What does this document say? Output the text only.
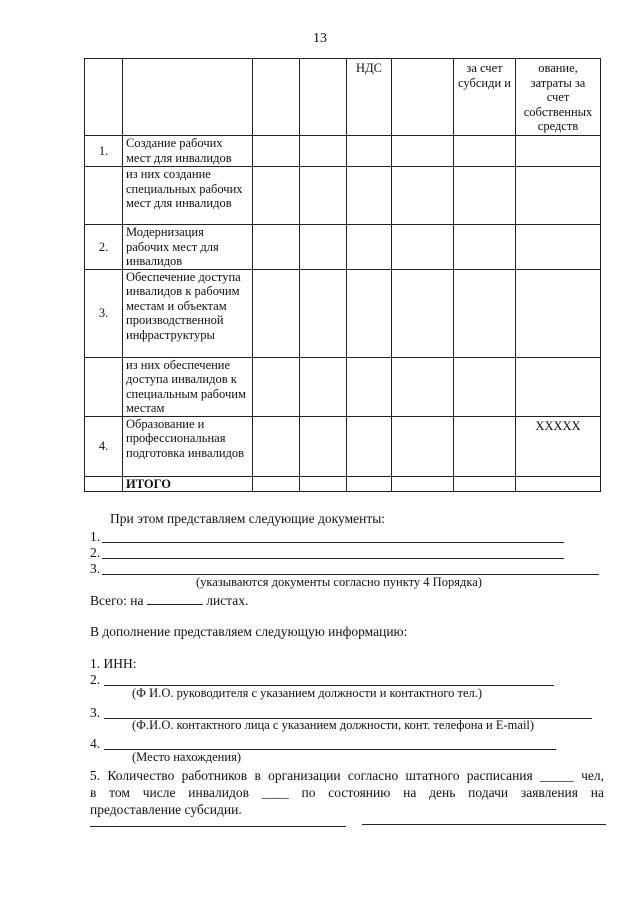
13
				НДС		за счет субсиди и	ование, затраты за счет собственных средств
1.	Создание рабочих мест для инвалидов						
	из них создание специальных рабочих мест для инвалидов						
2.	Модернизация рабочих мест для инвалидов						
3.	Обеспечение доступа инвалидов к рабочим местам и объектам производственной инфраструктуры						
	из них обеспечение доступа инвалидов к специальным рабочим местам						
4.	Образование и профессиональная подготовка инвалидов						XXXXX
	ИТОГО						
При этом представляем следующие документы:
1.
2.
3.
(указываются документы согласно пункту 4 Порядка)
Всего: на	листах.
В дополнение представляем следующую информацию:
1. ИНН:
2.
(Ф И.О. руководителя с указанием должности и контактного тел.)
3.
(Ф.И.О. контактного лица с указанием должности, конт. телефона и E-mail)
4.
(Место нахождения)
5. Количество работников в организации согласно штатного расписания _____ чел,
в том числе инвалидов ____ по состоянию на день подачи заявления на
предоставление субсидии.
